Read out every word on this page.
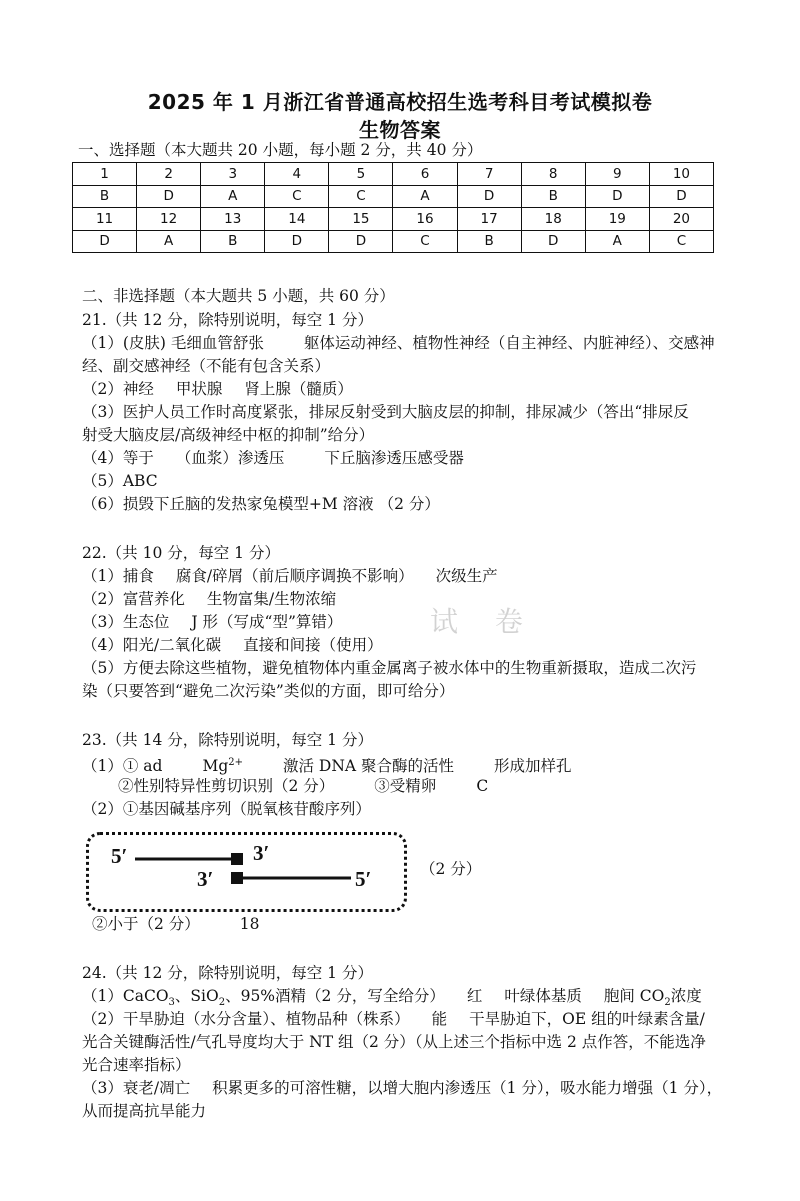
2025 年 1 月浙江省普通高校招生选考科目考试模拟卷
生物答案
一、选择题（本大题共 20 小题，每小题 2 分，共 40 分）
1	2	3	4	5	6	7	8	9	10
B	D	A	C	C	A	D	B	D	D
11	12	13	14	15	16	17	18	19	20
D	A	B	D	D	C	B	D	A	C
二、非选择题（本大题共 5 小题，共 60 分）
21.（共 12 分，除特别说明，每空 1 分）
（1）(皮肤) 毛细血管舒张	躯体运动神经、植物性神经（自主神经、内脏神经）、交感神
经、副交感神经（不能有包含关系）
（2）神经 甲状腺 肾上腺（髓质）
（3）医护人员工作时高度紧张，排尿反射受到大脑皮层的抑制，排尿减少（答出“排尿反
射受大脑皮层/高级神经中枢的抑制”给分）
（4）等于 （血浆）渗透压	下丘脑渗透压感受器
（5）ABC
（6）损毁下丘脑的发热家兔模型+M 溶液 （2 分）
22.（共 10 分，每空 1 分）
（1）捕食 腐食/碎屑（前后顺序调换不影响） 次级生产
（2）富营养化 生物富集/生物浓缩
（3）生态位 J 形（写成“型”算错）
（4）阳光/二氧化碳 直接和间接（使用）
（5）方便去除这些植物，避免植物体内重金属离子被水体中的生物重新摄取，造成二次污
染（只要答到“避免二次污染”类似的方面，即可给分）
试 卷
23.（共 14 分，除特别说明，每空 1 分）
（1）① ad	$Mg^{2+}$	激活 DNA 聚合酶的活性	形成加样孔
②性别特异性剪切识别（2 分）	③受精卵	C
（2）①基因碱基序列（脱氧核苷酸序列）
5′	3′
3′	5′	（2 分）
②小于（2 分）	18
24.（共 12 分，除特别说明，每空 1 分）
（1）CaCO$_3$、SiO$_2$、95%酒精（2 分，写全给分） 红 叶绿体基质 胞间 $CO_2$浓度
（2）干旱胁迫（水分含量）、植物品种（株系） 能 干旱胁迫下，OE 组的叶绿素含量/
光合关键酶活性/气孔导度均大于 NT 组（2 分）（从上述三个指标中选 2 点作答，不能选净
光合速率指标）
（3）衰老/凋亡 积累更多的可溶性糖，以增大胞内渗透压（1 分），吸水能力增强（1 分），
从而提高抗旱能力
